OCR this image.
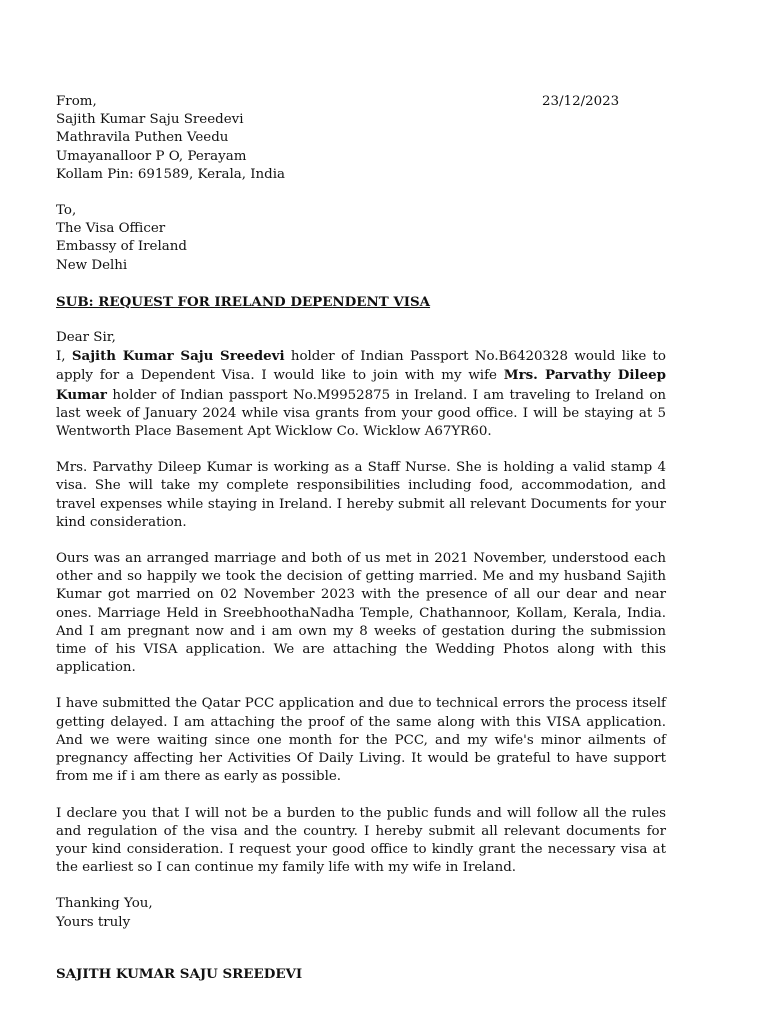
23/12/2023
From,
Sajith Kumar Saju Sreedevi
Mathravila Puthen Veedu
Umayanalloor P O, Perayam
Kollam Pin: 691589, Kerala, India
To,
The Visa Officer
Embassy of Ireland
New Delhi
SUB: REQUEST FOR IRELAND DEPENDENT VISA
Dear Sir,

I, Sajith Kumar Saju Sreedevi holder of Indian Passport No.B6420328 would like to apply for a Dependent Visa. I would like to join with my wife Mrs. Parvathy Dileep Kumar holder of Indian passport No.M9952875 in Ireland. I am traveling to Ireland on last week of January 2024 while visa grants from your good office. I will be staying at 5 Wentworth Place Basement Apt Wicklow Co. Wicklow A67YR60.

Mrs. Parvathy Dileep Kumar is working as a Staff Nurse. She is holding a valid stamp 4 visa. She will take my complete responsibilities including food, accommodation, and travel expenses while staying in Ireland. I hereby submit all relevant Documents for your kind consideration.

Ours was an arranged marriage and both of us met in 2021 November, understood each other and so happily we took the decision of getting married. Me and my husband Sajith Kumar got married on 02 November 2023 with the presence of all our dear and near ones. Marriage Held in SreebhoothaNadha Temple, Chathannoor, Kollam, Kerala, India. And I am pregnant now and i am own my 8 weeks of gestation during the submission time of his VISA application. We are attaching the Wedding Photos along with this application.

I have submitted the Qatar PCC application and due to technical errors the process itself getting delayed. I am attaching the proof of the same along with this VISA application. And we were waiting since one month for the PCC, and my wife's minor ailments of pregnancy affecting her Activities Of Daily Living. It would be grateful to have support from me if i am there as early as possible.

I declare you that I will not be a burden to the public funds and will follow all the rules and regulation of the visa and the country. I hereby submit all relevant documents for your kind consideration. I request your good office to kindly grant the necessary visa at the earliest so I can continue my family life with my wife in Ireland.

Thanking You,
Yours truly
SAJITH KUMAR SAJU SREEDEVI
